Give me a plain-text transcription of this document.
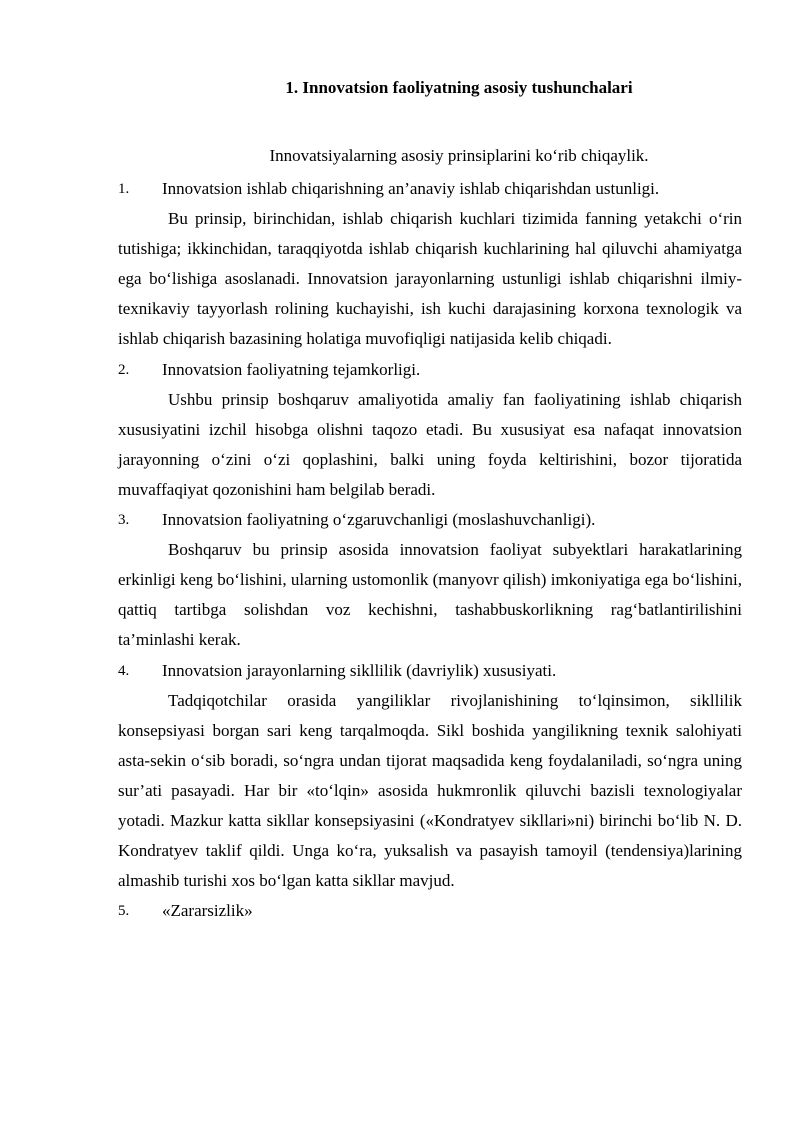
1. Innovatsion faoliyatning asosiy tushunchalari
Innovatsiyalarning asosiy prinsiplarini ko‘rib chiqaylik.
1.	Innovatsion ishlab chiqarishning an’anaviy ishlab chiqarishdan ustunligi.

Bu prinsip, birinchidan, ishlab chiqarish kuchlari tizimida fanning yetakchi o‘rin tutishiga; ikkinchidan, taraqqiyotda ishlab chiqarish kuchlarining hal qiluvchi ahamiyatga ega bo‘lishiga asoslanadi. Innovatsion jarayonlarning ustunligi ishlab chiqarishni ilmiy-texnikaviy tayyorlash rolining kuchayishi, ish kuchi darajasining korxona texnologik va ishlab chiqarish bazasining holatiga muvofiqligi natijasida kelib chiqadi.

2.	Innovatsion faoliyatning tejamkorligi.

Ushbu prinsip boshqaruv amaliyotida amaliy fan faoliyatining ishlab chiqarish xususiyatini izchil hisobga olishni taqozo etadi. Bu xususiyat esa nafaqat innovatsion jarayonning o‘zini o‘zi qoplashini, balki uning foyda keltirishini, bozor tijoratida muvaffaqiyat qozonishini ham belgilab beradi.

3.	Innovatsion faoliyatning o‘zgaruvchanligi (moslashuvchanligi).

Boshqaruv bu prinsip asosida innovatsion faoliyat subyektlari harakatlarining erkinligi keng bo‘lishini, ularning ustomonlik (manyovr qilish) imkoniyatiga ega bo‘lishini, qattiq tartibga solishdan voz kechishni, tashabbuskorlikning rag‘batlantirilishini ta’minlashi kerak.

4.	Innovatsion jarayonlarning sikllilik (davriylik) xususiyati.

Tadqiqotchilar orasida yangiliklar rivojlanishining to‘lqinsimon, sikllilik konsepsiyasi borgan sari keng tarqalmoqda. Sikl boshida yangilikning texnik salohiyati asta-sekin o‘sib boradi, so‘ngra undan tijorat maqsadida keng foydalaniladi, so‘ngra uning sur’ati pasayadi. Har bir «to‘lqin» asosida hukmronlik qiluvchi bazisli texnologiyalar yotadi. Mazkur katta sikllar konsepsiyasini («Kondratyev sikllari»ni) birinchi bo‘lib N. D. Kondratyev taklif qildi. Unga ko‘ra, yuksalish va pasayish tamoyil (tendensiya)larining almashib turishi xos bo‘lgan katta sikllar mavjud.

5.	«Zararsizlik»
